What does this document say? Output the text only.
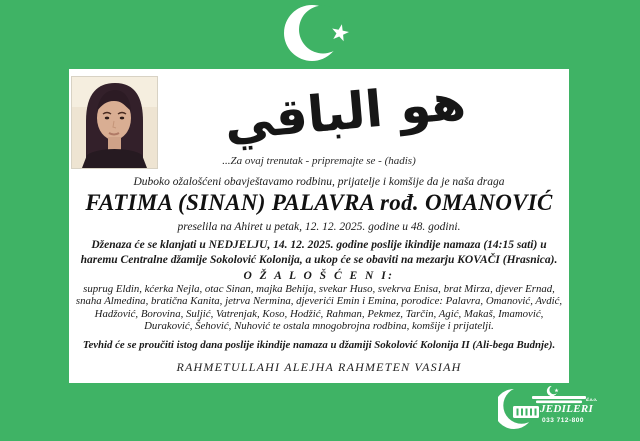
هو الباقي
...Za ovaj trenutak - pripremajte se - (hadis)
Duboko ožalošćeni obavještavamo rodbinu, prijatelje i komšije da je naša draga
FATIMA (SINAN) PALAVRA rođ. OMANOVIĆ
preselila na Ahiret u petak, 12. 12. 2025. godine u 48. godini.
Dženaza će se klanjati u NEDJELJU, 14. 12. 2025. godine poslije ikindije namaza (14:15 sati) u haremu Centralne džamije Sokolović Kolonija, a ukop će se obaviti na mezarju KOVAČI (Hrasnica).
O Ž A L O Š Ć E N I:
suprug Eldin, kćerka Nejla, otac Sinan, majka Behija, svekar Huso, svekrva Enisa, brat Mirza, djever Ernad, snaha Almedina, bratična Kanita, jetrva Nermina, djeverići Emin i Emina, porodice: Palavra, Omanović, Avdić, Hadžović, Borovina, Suljić, Vatrenjak, Koso, Hodžić, Rahman, Pekmez, Tarčin, Agić, Makaš, Imamović, Duraković, Šehović, Nuhović te ostala mnogobrojna rodbina, komšije i prijatelji.
Tevhid će se proučiti istog dana poslije ikindije namaza u džamiji Sokolović Kolonija II (Ali-bega Budnje).
RAHMETULLAHI ALEJHA RAHMETEN VASIAH
JEDILERI
d.o.o.
033 712-800
